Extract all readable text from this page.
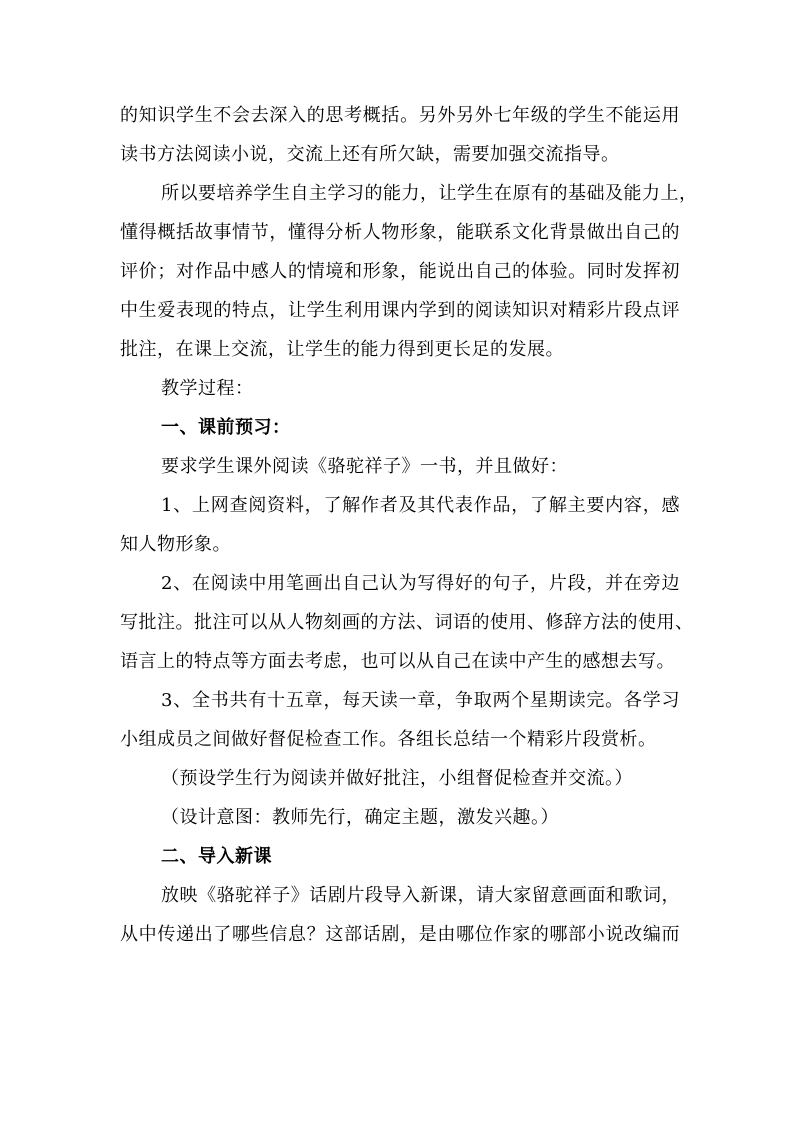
的知识学生不会去深入的思考概括。另外另外七年级的学生不能运用
读书方法阅读小说，交流上还有所欠缺，需要加强交流指导。
所以要培养学生自主学习的能力，让学生在原有的基础及能力上，
懂得概括故事情节，懂得分析人物形象，能联系文化背景做出自己的
评价；对作品中感人的情境和形象，能说出自己的体验。同时发挥初
中生爱表现的特点，让学生利用课内学到的阅读知识对精彩片段点评
批注，在课上交流，让学生的能力得到更长足的发展。
教学过程：
一、课前预习：
要求学生课外阅读《骆驼祥子》一书，并且做好：
1、上网查阅资料，了解作者及其代表作品，了解主要内容，感
知人物形象。
2、在阅读中用笔画出自己认为写得好的句子，片段，并在旁边
写批注。批注可以从人物刻画的方法、词语的使用、修辞方法的使用、
语言上的特点等方面去考虑，也可以从自己在读中产生的感想去写。
3、全书共有十五章，每天读一章，争取两个星期读完。各学习
小组成员之间做好督促检查工作。各组长总结一个精彩片段赏析。
（预设学生行为阅读并做好批注，小组督促检查并交流。）
（设计意图：教师先行，确定主题，激发兴趣。）
二、导入新课
放映《骆驼祥子》话剧片段导入新课，请大家留意画面和歌词，
从中传递出了哪些信息？这部话剧，是由哪位作家的哪部小说改编而
